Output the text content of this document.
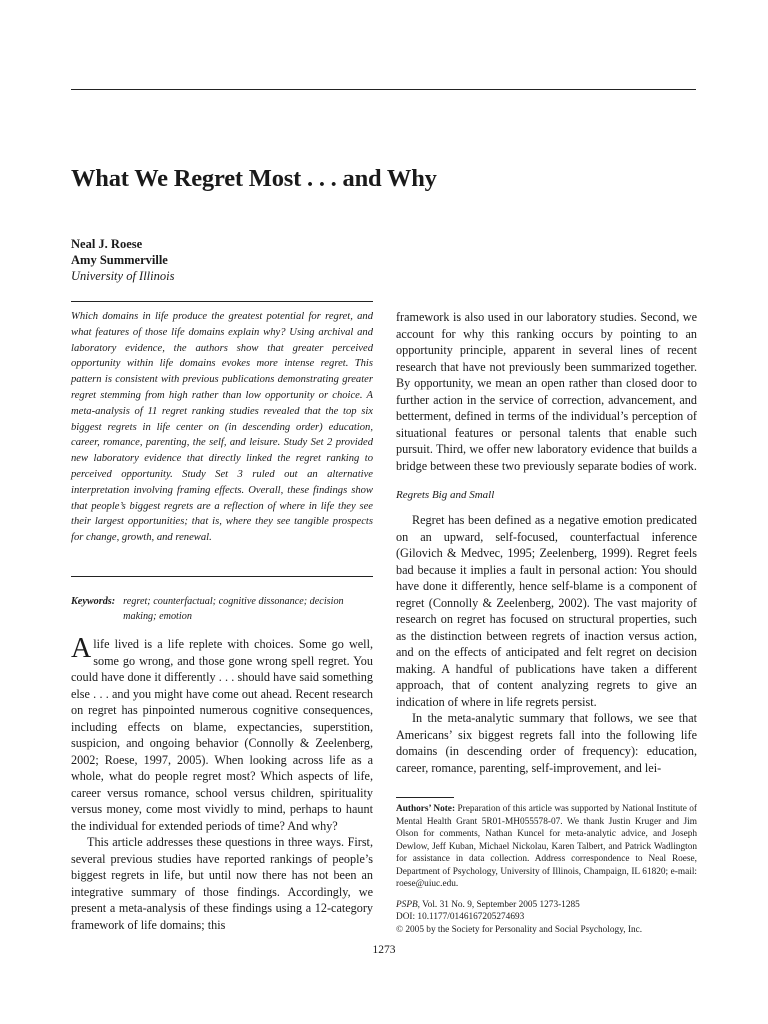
What We Regret Most . . . and Why
Neal J. Roese
Amy Summerville
University of Illinois

Which domains in life produce the greatest potential for regret, and what features of those life domains explain why? Using archival and laboratory evidence, the authors show that greater perceived opportunity within life domains evokes more intense regret. This pattern is consistent with previous publications demonstrating greater regret stemming from high rather than low opportunity or choice. A meta-analysis of 11 regret ranking studies revealed that the top six biggest regrets in life center on (in descending order) education, career, romance, parenting, the self, and leisure. Study Set 2 provided new laboratory evidence that directly linked the regret ranking to perceived opportunity. Study Set 3 ruled out an alternative interpretation involving framing effects. Overall, these findings show that people’s biggest regrets are a reflection of where in life they see their largest opportunities; that is, where they see tangible prospects for change, growth, and renewal.

Keywords: regret; counterfactual; cognitive dissonance; decision making; emotion

A life lived is a life replete with choices. Some go well, some go wrong, and those gone wrong spell regret. You could have done it differently . . . should have said something else . . . and you might have come out ahead. Recent research on regret has pinpointed numerous cognitive consequences, including effects on blame, expectancies, superstition, suspicion, and ongoing behavior (Connolly & Zeelenberg, 2002; Roese, 1997, 2005). When looking across life as a whole, what do people regret most? Which aspects of life, career versus romance, school versus children, spirituality versus money, come most vividly to mind, perhaps to haunt the individual for extended periods of time? And why?

This article addresses these questions in three ways. First, several previous studies have reported rankings of people’s biggest regrets in life, but until now there has not been an integrative summary of those findings. Accordingly, we present a meta-analysis of these findings using a 12-category framework of life domains; this

framework is also used in our laboratory studies. Second, we account for why this ranking occurs by pointing to an opportunity principle, apparent in several lines of recent research that have not previously been summarized together. By opportunity, we mean an open rather than closed door to further action in the service of correction, advancement, and betterment, defined in terms of the individual’s perception of situational features or personal talents that enable such pursuit. Third, we offer new laboratory evidence that builds a bridge between these two previously separate bodies of work.

Regrets Big and Small

Regret has been defined as a negative emotion predicated on an upward, self-focused, counterfactual inference (Gilovich & Medvec, 1995; Zeelenberg, 1999). Regret feels bad because it implies a fault in personal action: You should have done it differently, hence self-blame is a component of regret (Connolly & Zeelenberg, 2002). The vast majority of research on regret has focused on structural properties, such as the distinction between regrets of inaction versus action, and on the effects of anticipated and felt regret on decision making. A handful of publications have taken a different approach, that of content analyzing regrets to give an indication of where in life regrets persist.

In the meta-analytic summary that follows, we see that Americans’ six biggest regrets fall into the following life domains (in descending order of frequency): education, career, romance, parenting, self-improvement, and lei-

Authors’ Note: Preparation of this article was supported by National Institute of Mental Health Grant 5R01-MH055578-07. We thank Justin Kruger and Jim Olson for comments, Nathan Kuncel for meta-analytic advice, and Joseph Dewlow, Jeff Kuban, Michael Nickolau, Karen Talbert, and Patrick Wadlington for assistance in data collection. Address correspondence to Neal Roese, Department of Psychology, University of Illinois, Champaign, IL 61820; e-mail: roese@uiuc.edu.

PSPB, Vol. 31 No. 9, September 2005 1273-1285
DOI: 10.1177/0146167205274693
© 2005 by the Society for Personality and Social Psychology, Inc.
1273
